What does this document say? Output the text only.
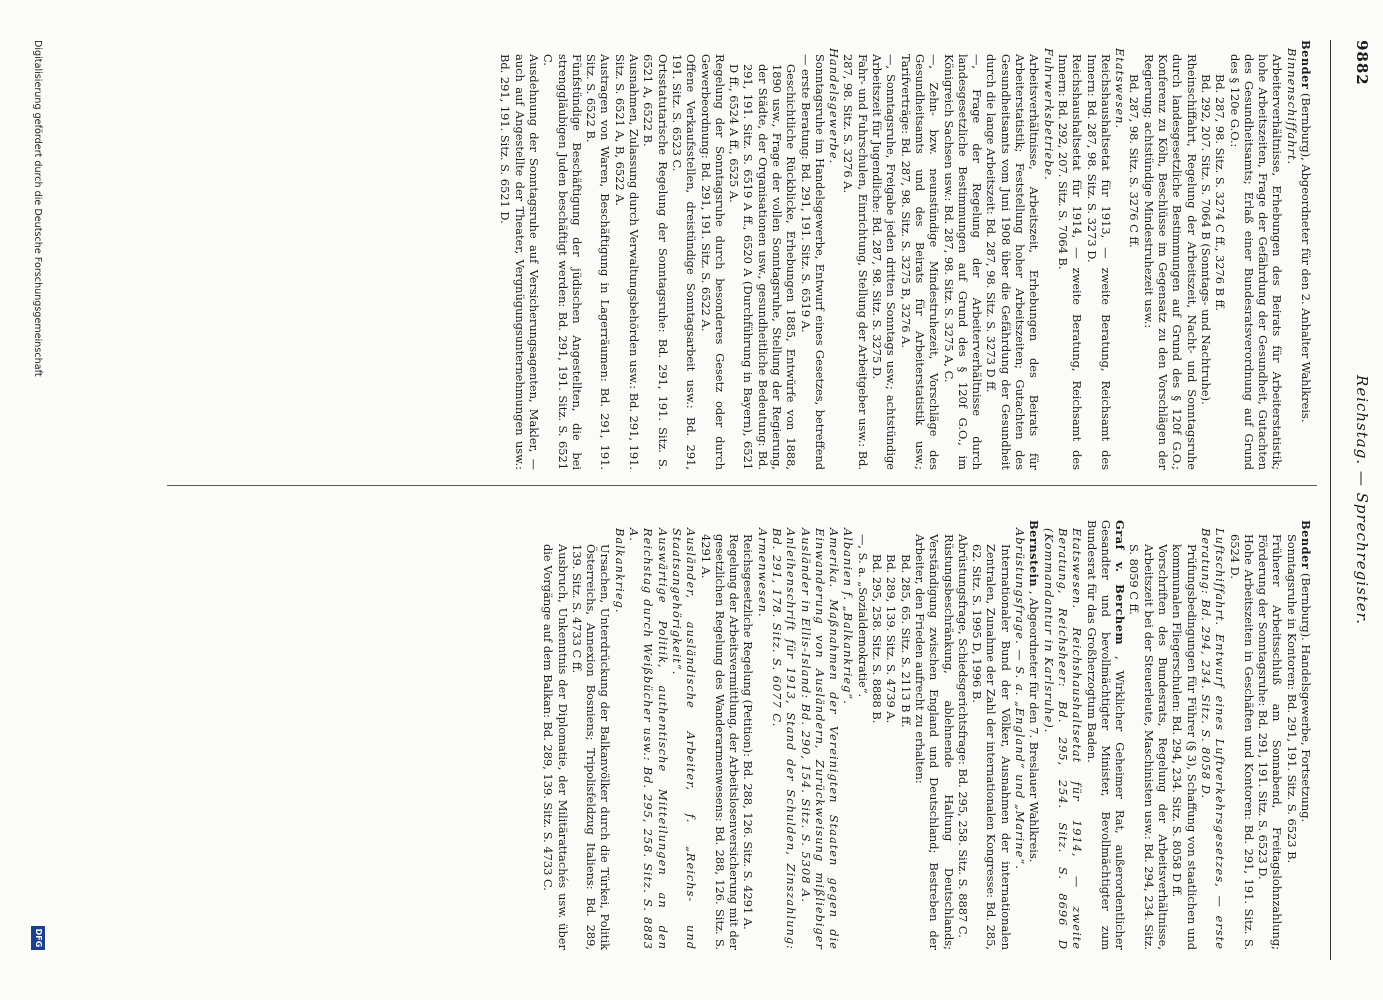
9882
Reichstag. — Sprechregister.
Bender (Bernburg), Abgeordneter für den 2. Anhalter Wahlkreis.
Binnenschiffahrt.
Arbeiterverhältnisse, Erhebungen des Beirats für Arbeiterstatistik; hohe Arbeitszeiten, Frage der Gefährdung der Gesundheit, Gutachten des Gesundheitsamts; Erlaß einer Bundesratsverordnung auf Grund des § 120e G.O.:
Bd. 287, 98. Sitz. S. 3274 C ff., 3276 B ff.
Bd. 292, 207. Sitz. S. 7064 B (Sonntags- und Nachtruhe).
Rheinschiffahrt, Regelung der Arbeitszeit, Nacht- und Sonntagsruhe durch landesgesetzliche Bestimmungen auf Grund des § 120f G.O.; Konferenz zu Köln, Beschlüsse im Gegensatz zu den Vorschlägen der Regierung; achtstündige Mindestruhezeit usw.:
Bd. 287, 98. Sitz. S. 3276 C ff.
Etatswesen.
Reichshaushaltsetat für 1913, — zweite Beratung, Reichsamt des Innern: Bd. 287, 98. Sitz. S. 3273 D.
Reichshaushaltsetat für 1914, — zweite Beratung, Reichsamt des Innern: Bd. 292, 207. Sitz. S. 7064 B.
Fuhrwerksbetriebe.
Arbeitsverhältnisse, Arbeitszeit, Erhebungen des Beirats für Arbeiterstatistik; Feststellung hoher Arbeitszeiten; Gutachten des Gesundheitsamts vom Juni 1908 über die Gefährdung der Gesundheit durch die lange Arbeitszeit: Bd. 287, 98. Sitz. S. 3273 D ff.
—, Frage der Regelung der Arbeiterverhältnisse durch landesgesetzliche Bestimmungen auf Grund des § 120f G.O., im Königreich Sachsen usw.: Bd. 287, 98. Sitz. S. 3275 A, C.
—, Zehn- bzw. neunstündige Mindestruhezeit, Vorschläge des Gesundheitsamts und des Beirats für Arbeiterstatistik usw.; Tarifverträge: Bd. 287, 98. Sitz. S. 3275 B, 3276 A.
—, Sonntagsruhe, Freigabe jeden dritten Sonntags usw.; achtstündige Arbeitszeit für Jugendliche: Bd. 287, 98. Sitz. S. 3275 D.
Fahr- und Fuhrschulen, Einrichtung, Stellung der Arbeitgeber usw.: Bd. 287, 98. Sitz. S. 3276 A.
Handelsgewerbe.
Sonntagsruhe im Handelsgewerbe, Entwurf eines Gesetzes, betreffend — erste Beratung: Bd. 291, 191. Sitz. S. 6519 A.
Geschichtliche Rückblicke, Erhebungen 1885, Entwürfe von 1888, 1890 usw., Frage der vollen Sonntagsruhe, Stellung der Regierung, der Städte, der Organisationen usw., gesundheitliche Bedeutung: Bd. 291, 191. Sitz. S. 6519 A ff., 6520 A (Durchführung in Bayern), 6521 D ff., 6524 A ff., 6525 A.
Regelung der Sonntagsruhe durch besonderes Gesetz oder durch Gewerbeordnung: Bd. 291, 191. Sitz. S. 6522 A.
Offene Verkaufsstellen, dreistündige Sonntagsarbeit usw.: Bd. 291, 191. Sitz. S. 6523 C.
Ortsstatutarische Regelung der Sonntagsruhe: Bd. 291, 191. Sitz. S. 6521 A, 6522 B.
Ausnahmen, Zulassung durch Verwaltungsbehörden usw.: Bd. 291, 191. Sitz. S. 6521 A, B, 6522 A.
Austragen von Waren, Beschäftigung in Lagerräumen: Bd. 291, 191. Sitz. S. 6522 B.
Fünfstündige Beschäftigung der jüdischen Angestellten, die bei strenggläubigen Juden beschäftigt werden: Bd. 291, 191. Sitz. S. 6521 C.
Ausdehnung der Sonntagsruhe auf Versicherungsagenten, Makler, — auch auf Angestellte der Theater, Vergnügungsunternehmungen usw.: Bd. 291, 191. Sitz. S. 6521 D.
Bender (Bernburg). Handelsgewerbe, Fortsetzung.
Sonntagsruhe in Kontoren: Bd. 291, 191. Sitz. S. 6523 B.
Früherer Arbeitsschluß am Sonnabend, Freitagslohnzahlung; Förderung der Sonntagsruhe: Bd. 291, 191. Sitz. S. 6523 D.
Hohe Arbeitszeiten in Geschäften und Kontoren: Bd. 291, 191. Sitz. S. 6524 D.
Luftschiffahrt. Entwurf eines Luftverkehrsgesetzes, — erste Beratung: Bd. 294, 234. Sitz. S. 8058 D.
Prüfungsbedingungen für Führer (§ 3), Schaffung von staatlichen und kommunalen Fliegerschulen: Bd. 294, 234. Sitz. S. 8058 D ff.
Vorschriften des Bundesrats, Regelung der Arbeitsverhältnisse, Arbeitszeit bei der Steuerleute, Maschinisten usw.: Bd. 294, 234. Sitz. S. 8059 C ff.
Graf v. Berchem , Wirklicher Geheimer Rat, außerordentlicher Gesandter und bevollmächtigter Minister, Bevollmächtigter zum Bundesrat für das Großherzogtum Baden.
Etatswesen. Reichshaushaltsetat für 1914, — zweite Beratung, Reichsheer: Bd. 295, 254. Sitz. S. 8696 D (Kommandantur in Karlsruhe).
Bernstein , Abgeordneter für den 7. Breslauer Wahlkreis.
Abrüstungsfrage. — S. a. „England“ und „Marine“.
Internationaler Bund der Völker, Ausnahmen der internationalen Zentralen, Zunahme der Zahl der internationalen Kongresse: Bd. 285, 62. Sitz. S. 1995 D, 1996 B.
Abrüstungsfrage, Schiedsgerichtsfrage: Bd. 295, 258. Sitz. S. 8887 C.
Rüstungsbeschränkung, ablehnende Haltung Deutschlands; Verständigung zwischen England und Deutschland; Bestreben der Arbeiter, den Frieden aufrecht zu erhalten:
Bd. 285, 65. Sitz. S. 2113 B ff.
Bd. 289, 139. Sitz. S. 4739 A.
Bd. 295, 258. Sitz. S. 8888 B.
—, S. a. „Sozialdemokratie“.
Albanien f. „Balkankrieg“.
Amerika. Maßnahmen der Vereinigten Staaten gegen die Einwanderung von Ausländern, Zurückweisung mißliebiger Ausländer in Ellis-Island: Bd. 290, 154. Sitz. S. 5308 A.
Anleihenschrift für 1913, Stand der Schulden, Zinszahlung: Bd. 291, 178. Sitz. S. 6077 C.
Armenwesen.
Reichsgesetzliche Regelung (Petition): Bd. 288, 126. Sitz. S. 4291 A.
Regelung der Arbeitsvermittlung, der Arbeitslosenversicherung mit der gesetzlichen Regelung des Wanderarmenwesens: Bd. 288, 126. Sitz. S. 4291 A.
Ausländer, ausländische Arbeiter, f. „Reichs- und Staatsangehörigkeit“.
Auswärtige Politik, authentische Mitteilungen an den Reichstag durch Weißbücher usw.: Bd. 295, 258. Sitz. S. 8883 A.
Balkankrieg.
Ursachen, Unterdrückung der Balkanvölker durch die Türkei, Politik Österreichs, Annexion Bosniens; Tripolisfeldzug Italiens: Bd. 289, 139. Sitz. S. 4733 C ff.
Ausbruch, Unkenntnis der Diplomatie, der Militärattachés usw. über die Vorgänge auf dem Balkan: Bd. 289, 139. Sitz. S. 4733 C.
Digitalisierung gefördert durch die Deutsche Forschungsgemeinschaft
DFG
